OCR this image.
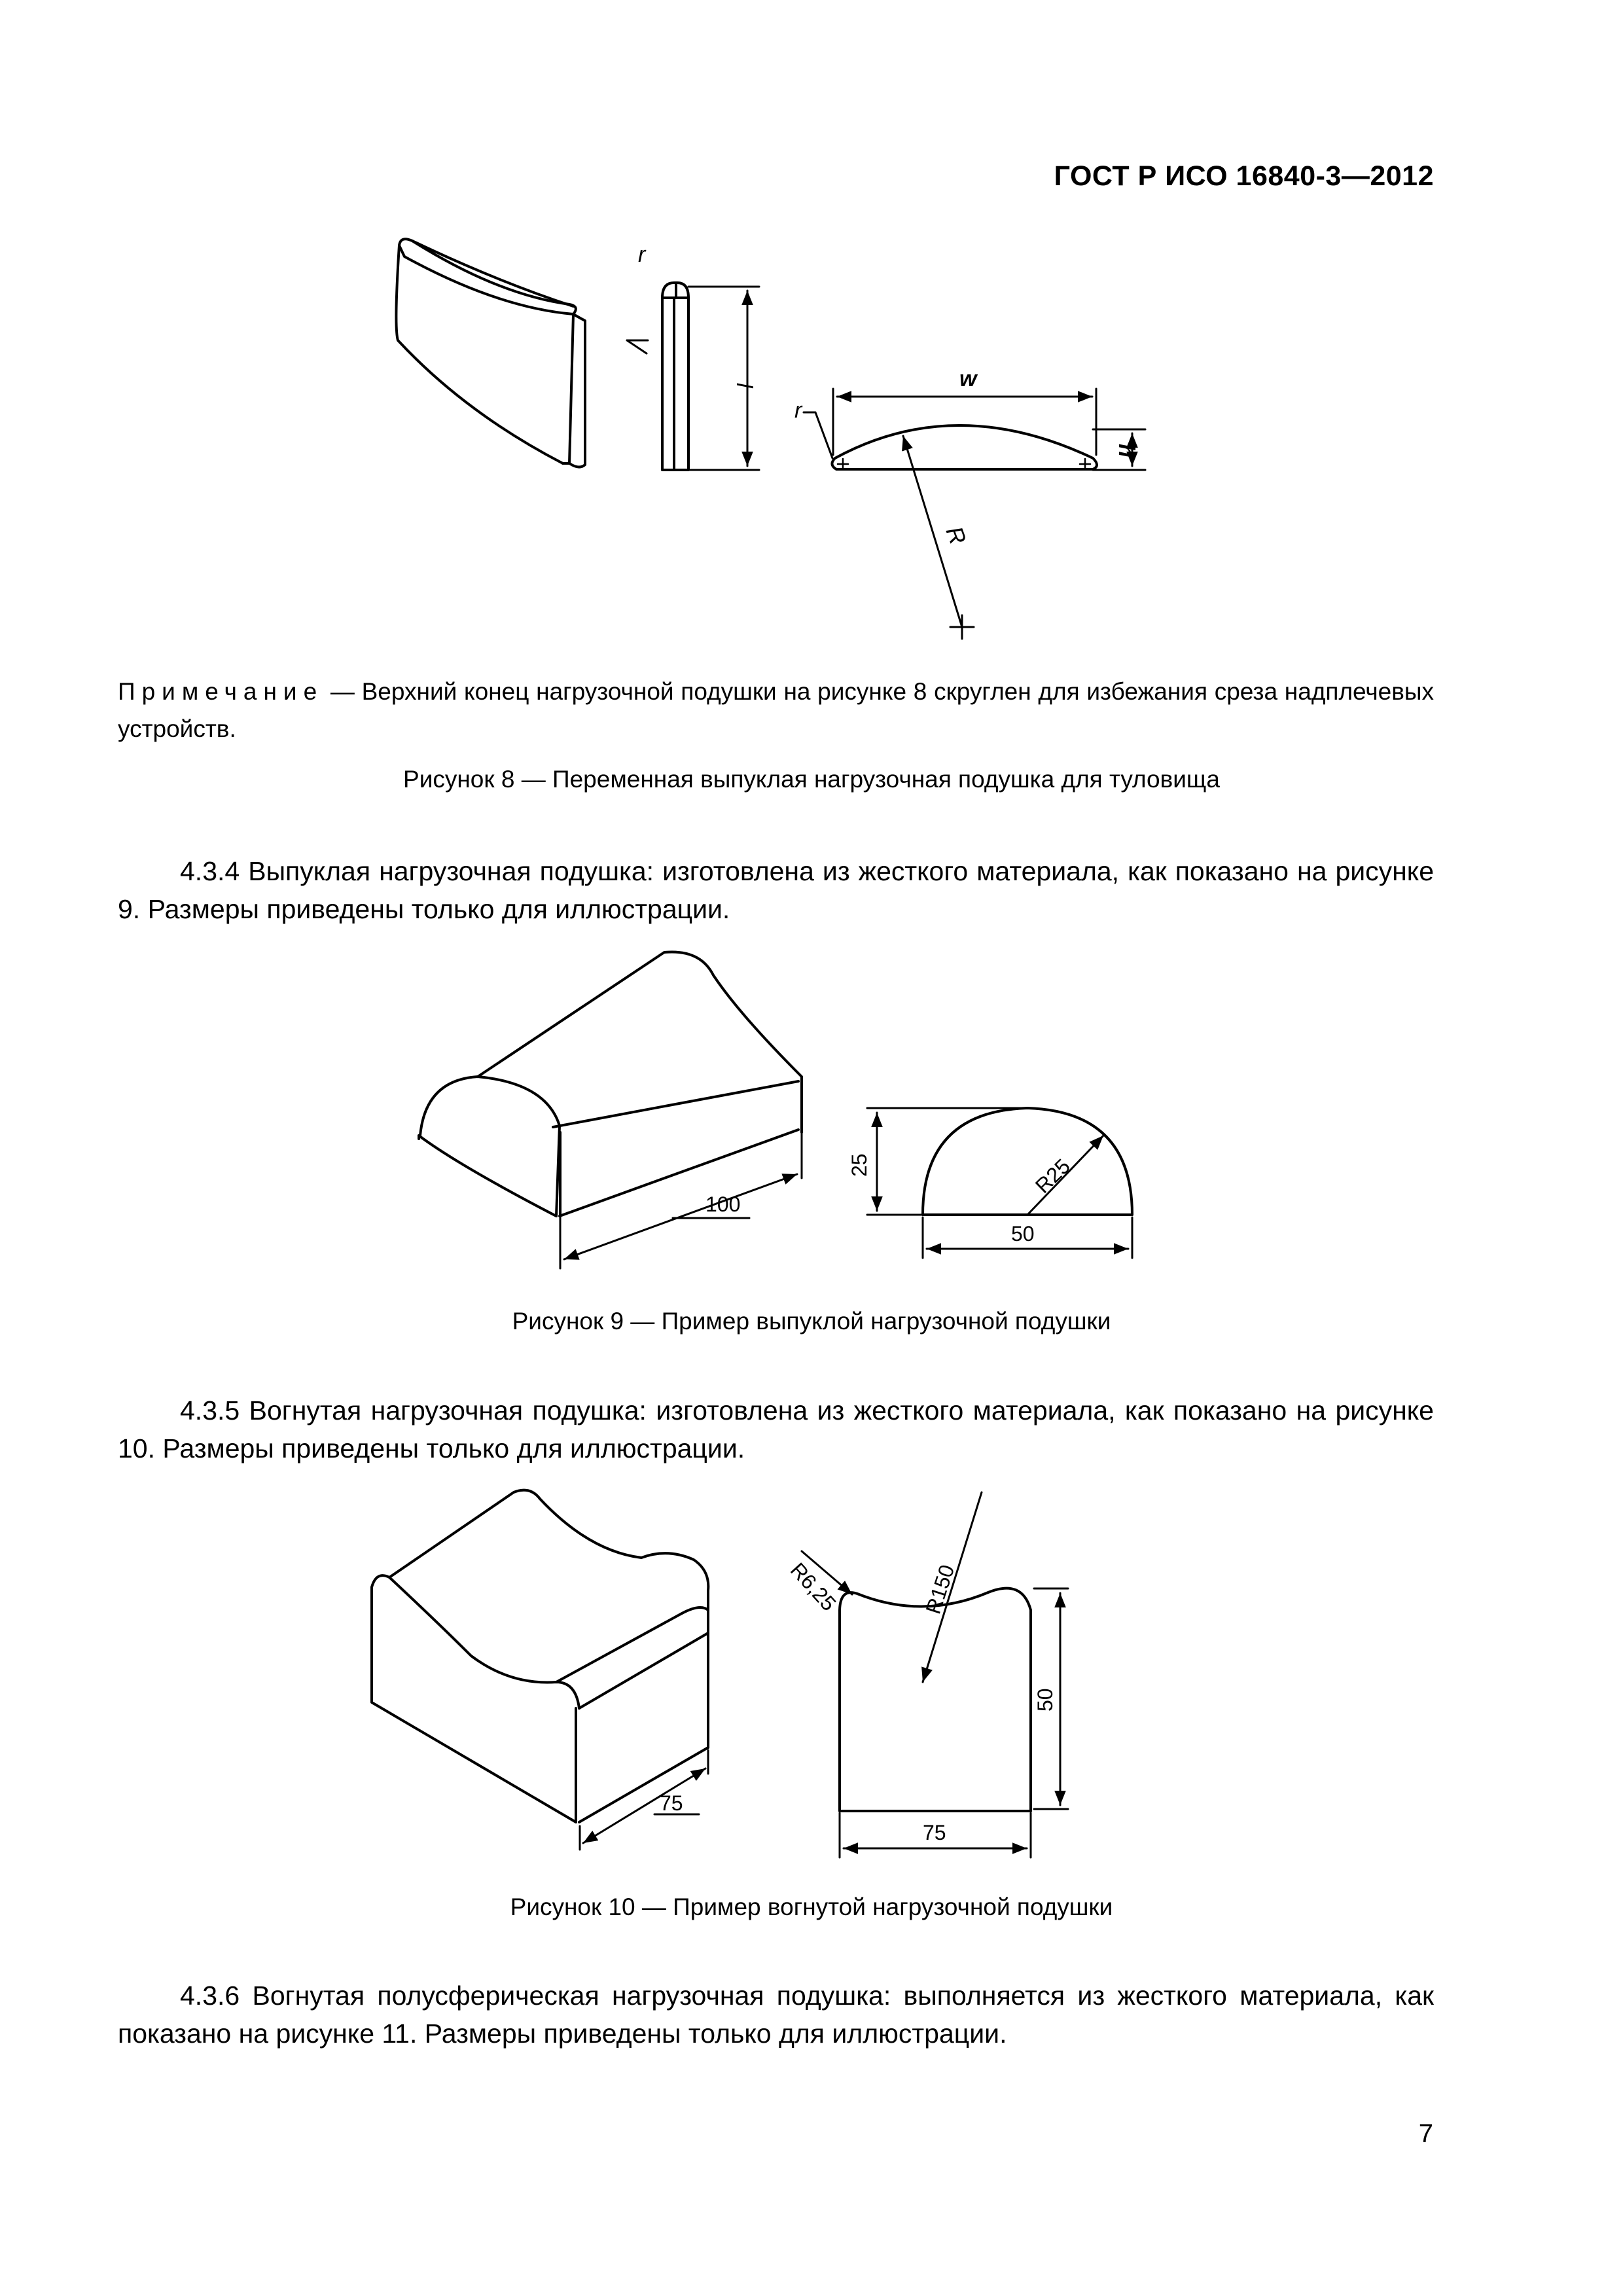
ГОСТ Р ИСО 16840-3—2012
r
l	w
r
h
R
Примечание — Верхний конец нагрузочной подушки на рисунке 8 скруглен для избежания среза надплечевых устройств.
Рисунок 8 — Переменная выпуклая нагрузочная подушка для туловища
4.3.4 Выпуклая нагрузочная подушка: изготовлена из жесткого материала, как показано на рисунке 9. Размеры приведены только для иллюстрации.
100
25	R25
50
Рисунок 9 — Пример выпуклой нагрузочной подушки
4.3.5 Вогнутая нагрузочная подушка: изготовлена из жесткого материала, как показано на рисунке 10. Размеры приведены только для иллюстрации.
75
R6,25	R150
50
75
Рисунок 10 — Пример вогнутой нагрузочной подушки
4.3.6 Вогнутая полусферическая нагрузочная подушка: выполняется из жесткого материала, как показано на рисунке 11. Размеры приведены только для иллюстрации.
7
